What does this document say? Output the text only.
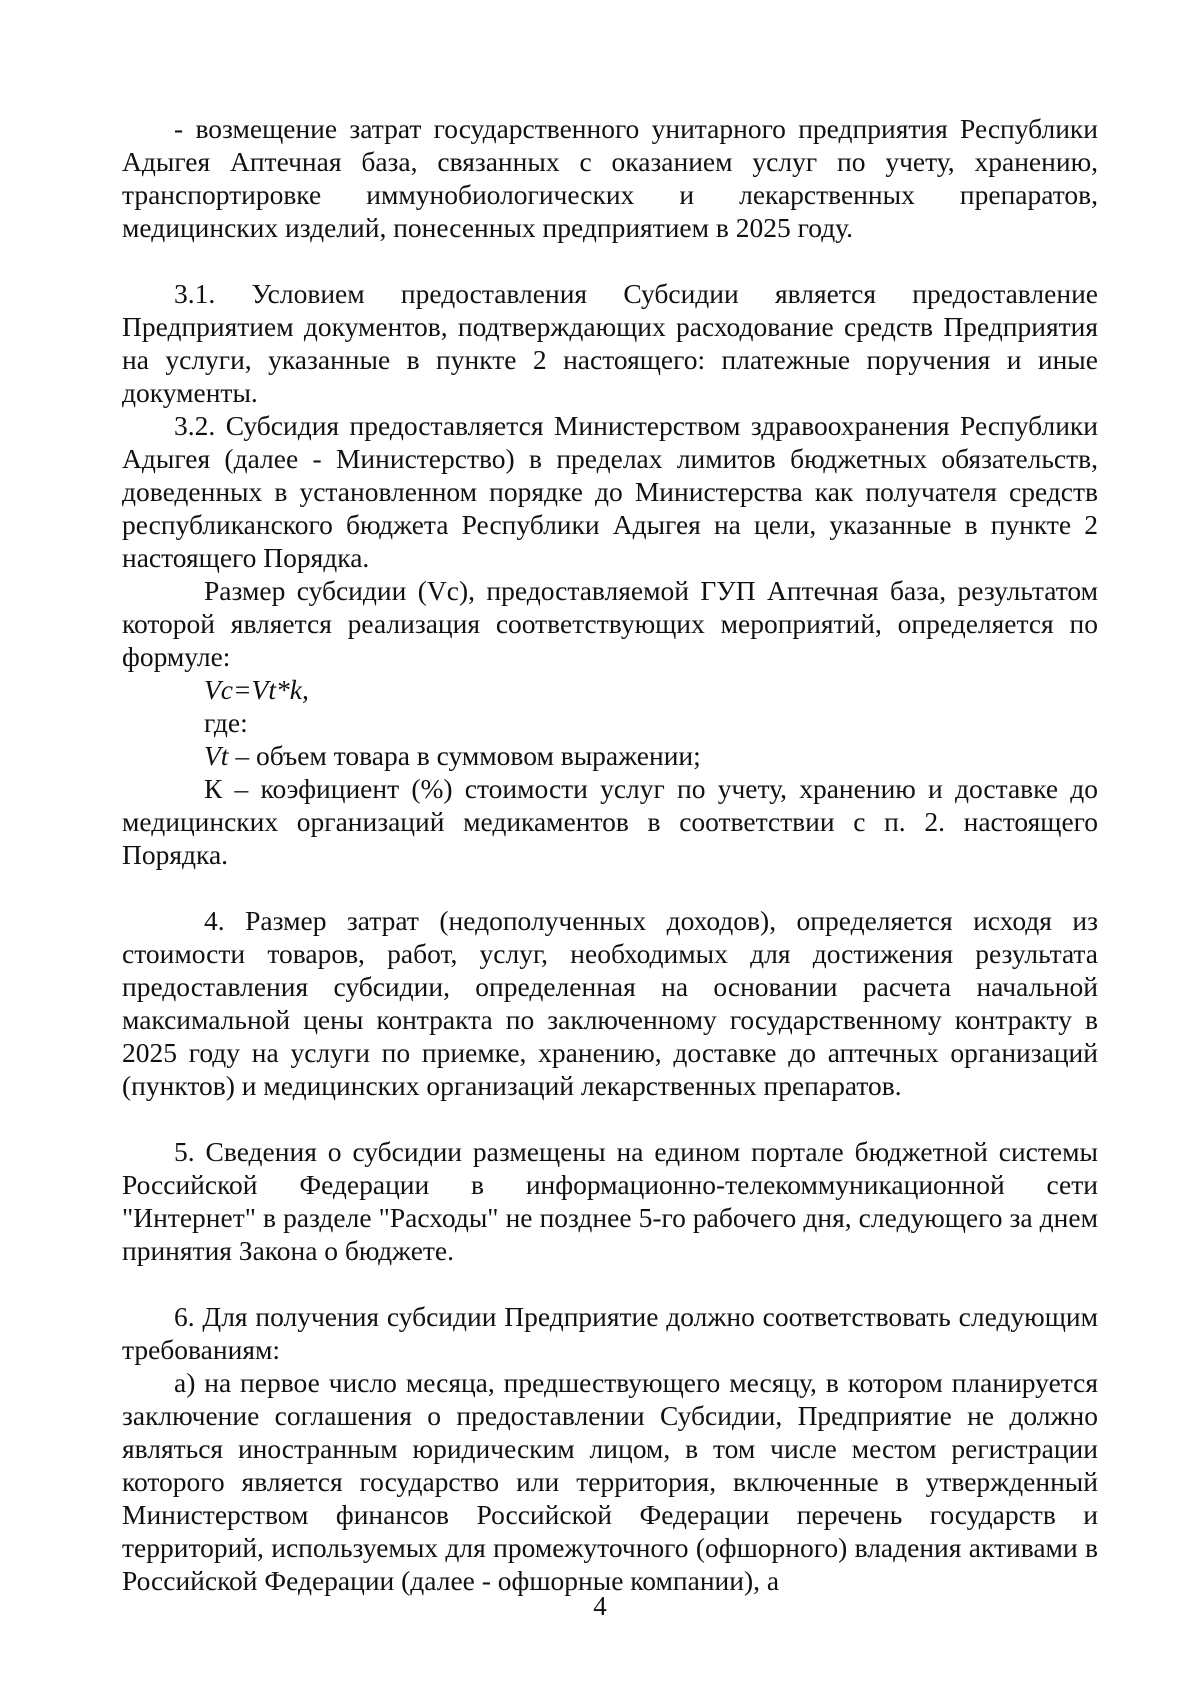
- возмещение затрат государственного унитарного предприятия Республики Адыгея Аптечная база, связанных с оказанием услуг по учету, хранению, транспортировке иммунобиологических и лекарственных препаратов, медицинских изделий, понесенных предприятием в 2025 году.

3.1. Условием предоставления Субсидии является предоставление Предприятием документов, подтверждающих расходование средств Предприятия на услуги, указанные в пункте 2 настоящего: платежные поручения и иные документы.

3.2. Субсидия предоставляется Министерством здравоохранения Республики Адыгея (далее - Министерство) в пределах лимитов бюджетных обязательств, доведенных в установленном порядке до Министерства как получателя средств республиканского бюджета Республики Адыгея на цели, указанные в пункте 2 настоящего Порядка.

Размер субсидии (Vc), предоставляемой ГУП Аптечная база, результатом которой является реализация соответствующих мероприятий, определяется по формуле:

Vc=Vt*k,

где:

Vt – объем товара в суммовом выражении;

К – коэфициент (%) стоимости услуг по учету, хранению и доставке до медицинских организаций медикаментов в соответствии с п. 2. настоящего Порядка.

4. Размер затрат (недополученных доходов), определяется исходя из стоимости товаров, работ, услуг, необходимых для достижения результата предоставления субсидии, определенная на основании расчета начальной максимальной цены контракта по заключенному государственному контракту в 2025 году на услуги по приемке, хранению, доставке до аптечных организаций (пунктов) и медицинских организаций лекарственных препаратов.

5. Сведения о субсидии размещены на едином портале бюджетной системы Российской Федерации в информационно-телекоммуникационной сети "Интернет" в разделе "Расходы" не позднее 5-го рабочего дня, следующего за днем принятия Закона о бюджете.

6. Для получения субсидии Предприятие должно соответствовать следующим требованиям:

а) на первое число месяца, предшествующего месяцу, в котором планируется заключение соглашения о предоставлении Субсидии, Предприятие не должно являться иностранным юридическим лицом, в том числе местом регистрации которого является государство или территория, включенные в утвержденный Министерством финансов Российской Федерации перечень государств и территорий, используемых для промежуточного (офшорного) владения активами в Российской Федерации (далее - офшорные компании), а

4
